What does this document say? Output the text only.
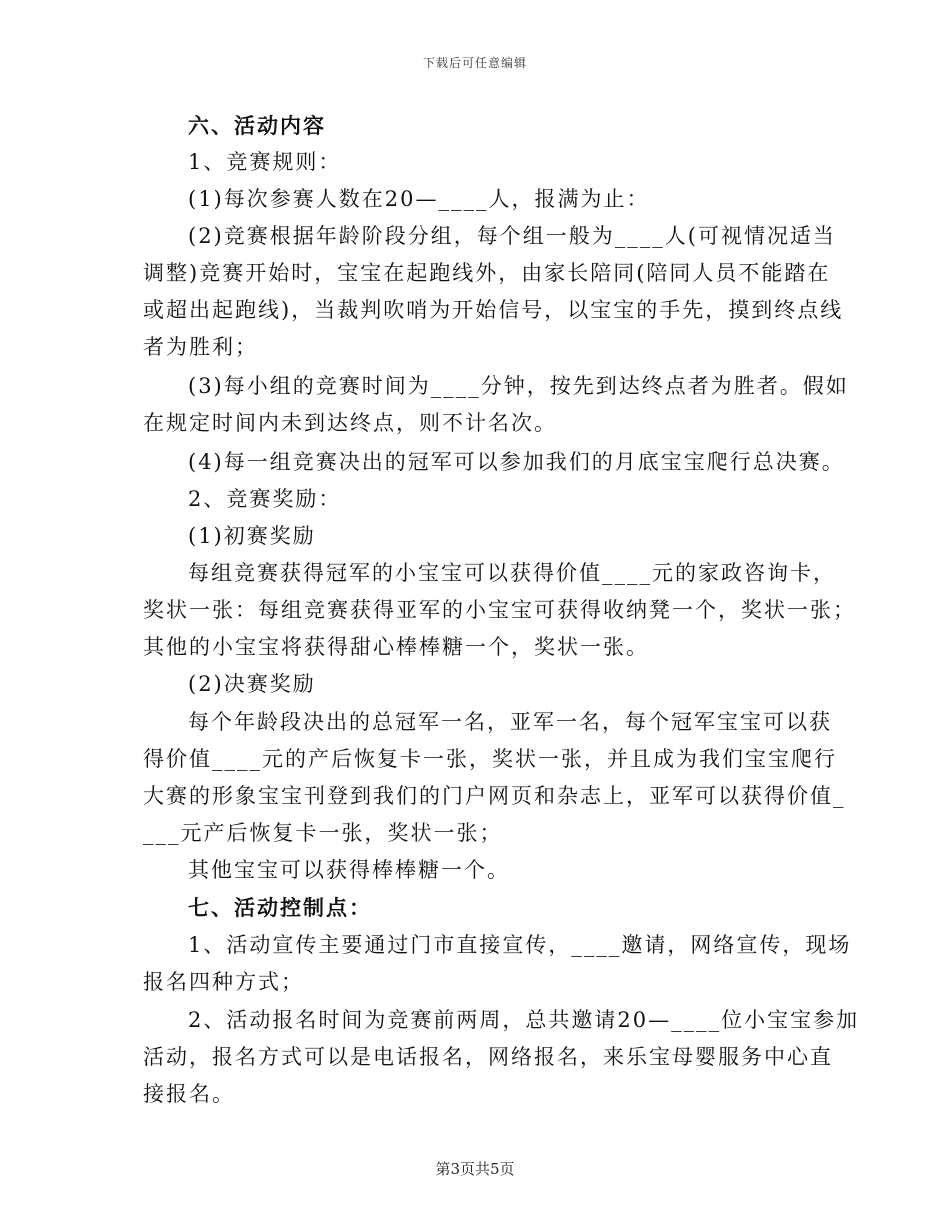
下载后可任意编辑
六、活动内容
1、竞赛规则：
(1)每次参赛人数在20—____人，报满为止：
(2)竞赛根据年龄阶段分组，每个组一般为____人(可视情况适当
调整)竞赛开始时，宝宝在起跑线外，由家长陪同(陪同人员不能踏在
或超出起跑线)，当裁判吹哨为开始信号，以宝宝的手先，摸到终点线
者为胜利；
(3)每小组的竞赛时间为____分钟，按先到达终点者为胜者。假如
在规定时间内未到达终点，则不计名次。
(4)每一组竞赛决出的冠军可以参加我们的月底宝宝爬行总决赛。
2、竞赛奖励：
(1)初赛奖励
每组竞赛获得冠军的小宝宝可以获得价值____元的家政咨询卡，
奖状一张：每组竞赛获得亚军的小宝宝可获得收纳凳一个，奖状一张；
其他的小宝宝将获得甜心棒棒糖一个，奖状一张。
(2)决赛奖励
每个年龄段决出的总冠军一名，亚军一名，每个冠军宝宝可以获
得价值____元的产后恢复卡一张，奖状一张，并且成为我们宝宝爬行
大赛的形象宝宝刊登到我们的门户网页和杂志上，亚军可以获得价值_
___元产后恢复卡一张，奖状一张；
其他宝宝可以获得棒棒糖一个。
七、活动控制点：
1、活动宣传主要通过门市直接宣传，____邀请，网络宣传，现场
报名四种方式；
2、活动报名时间为竞赛前两周，总共邀请20—____位小宝宝参加
活动，报名方式可以是电话报名，网络报名，来乐宝母婴服务中心直
接报名。
第3页共5页
